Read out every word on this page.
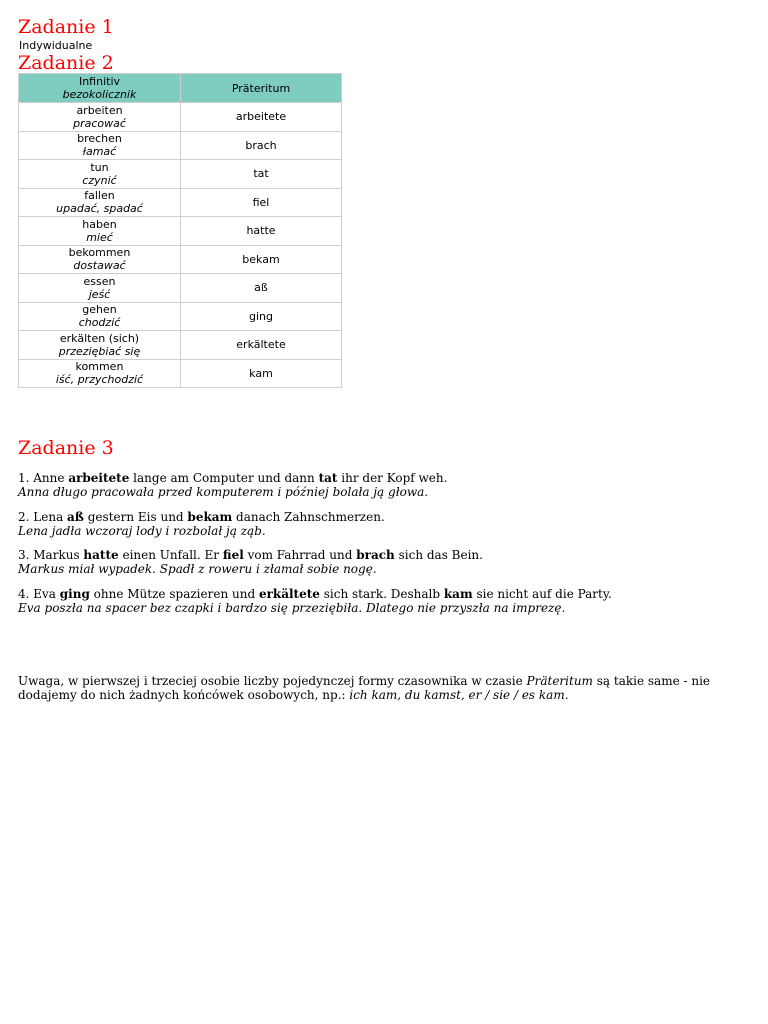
Zadanie 1
Indywidualne
Zadanie 2
Infinitiv
bezokolicznik	Präteritum

arbeiten
pracować	arbeitete

brechen
łamać	brach

tun
czynić	tat

fallen
upadać, spadać	fiel

haben
mieć	hatte

bekommen
dostawać	bekam

essen
jeść	aß

gehen
chodzić	ging

erkälten (sich)
przeziębiać się	erkältete

kommen
iść, przychodzić	kam
Zadanie 3
1. Anne arbeitete lange am Computer und dann tat ihr der Kopf weh.
Anna długo pracowała przed komputerem i później bolała ją głowa.
2. Lena aß gestern Eis und bekam danach Zahnschmerzen.
Lena jadła wczoraj lody i rozbolał ją ząb.
3. Markus hatte einen Unfall. Er fiel vom Fahrrad und brach sich das Bein.
Markus miał wypadek. Spadł z roweru i złamał sobie nogę.
4. Eva ging ohne Mütze spazieren und erkältete sich stark. Deshalb kam sie nicht auf die Party.
Eva poszła na spacer bez czapki i bardzo się przeziębiła. Dlatego nie przyszła na imprezę.
Uwaga, w pierwszej i trzeciej osobie liczby pojedynczej formy czasownika w czasie Präteritum są takie same - nie
dodajemy do nich żadnych końcówek osobowych, np.: ich kam, du kamst, er / sie / es kam.
